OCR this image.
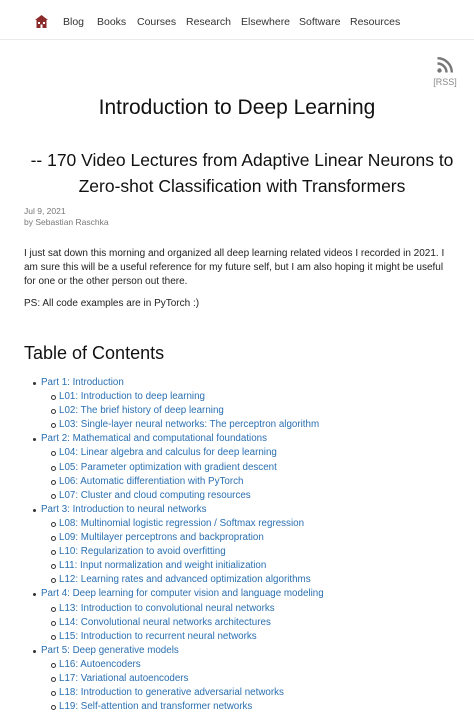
Blog Books Courses Research Elsewhere Software Resources
[RSS]
Introduction to Deep Learning
-- 170 Video Lectures from Adaptive Linear Neurons to Zero-shot Classification with Transformers
Jul 9, 2021
by Sebastian Raschka

I just sat down this morning and organized all deep learning related videos I recorded in 2021. I am sure this will be a useful reference for my future self, but I am also hoping it might be useful for one or the other person out there.

PS: All code examples are in PyTorch :)

Table of Contents
Part 1: Introduction
L01: Introduction to deep learning
L02: The brief history of deep learning
L03: Single-layer neural networks: The perceptron algorithm
Part 2: Mathematical and computational foundations
L04: Linear algebra and calculus for deep learning
L05: Parameter optimization with gradient descent
L06: Automatic differentiation with PyTorch
L07: Cluster and cloud computing resources
Part 3: Introduction to neural networks
L08: Multinomial logistic regression / Softmax regression
L09: Multilayer perceptrons and backpropration
L10: Regularization to avoid overfitting
L11: Input normalization and weight initialization
L12: Learning rates and advanced optimization algorithms
Part 4: Deep learning for computer vision and language modeling
L13: Introduction to convolutional neural networks
L14: Convolutional neural networks architectures
L15: Introduction to recurrent neural networks
Part 5: Deep generative models
L16: Autoencoders
L17: Variational autoencoders
L18: Introduction to generative adversarial networks
L19: Self-attention and transformer networks
